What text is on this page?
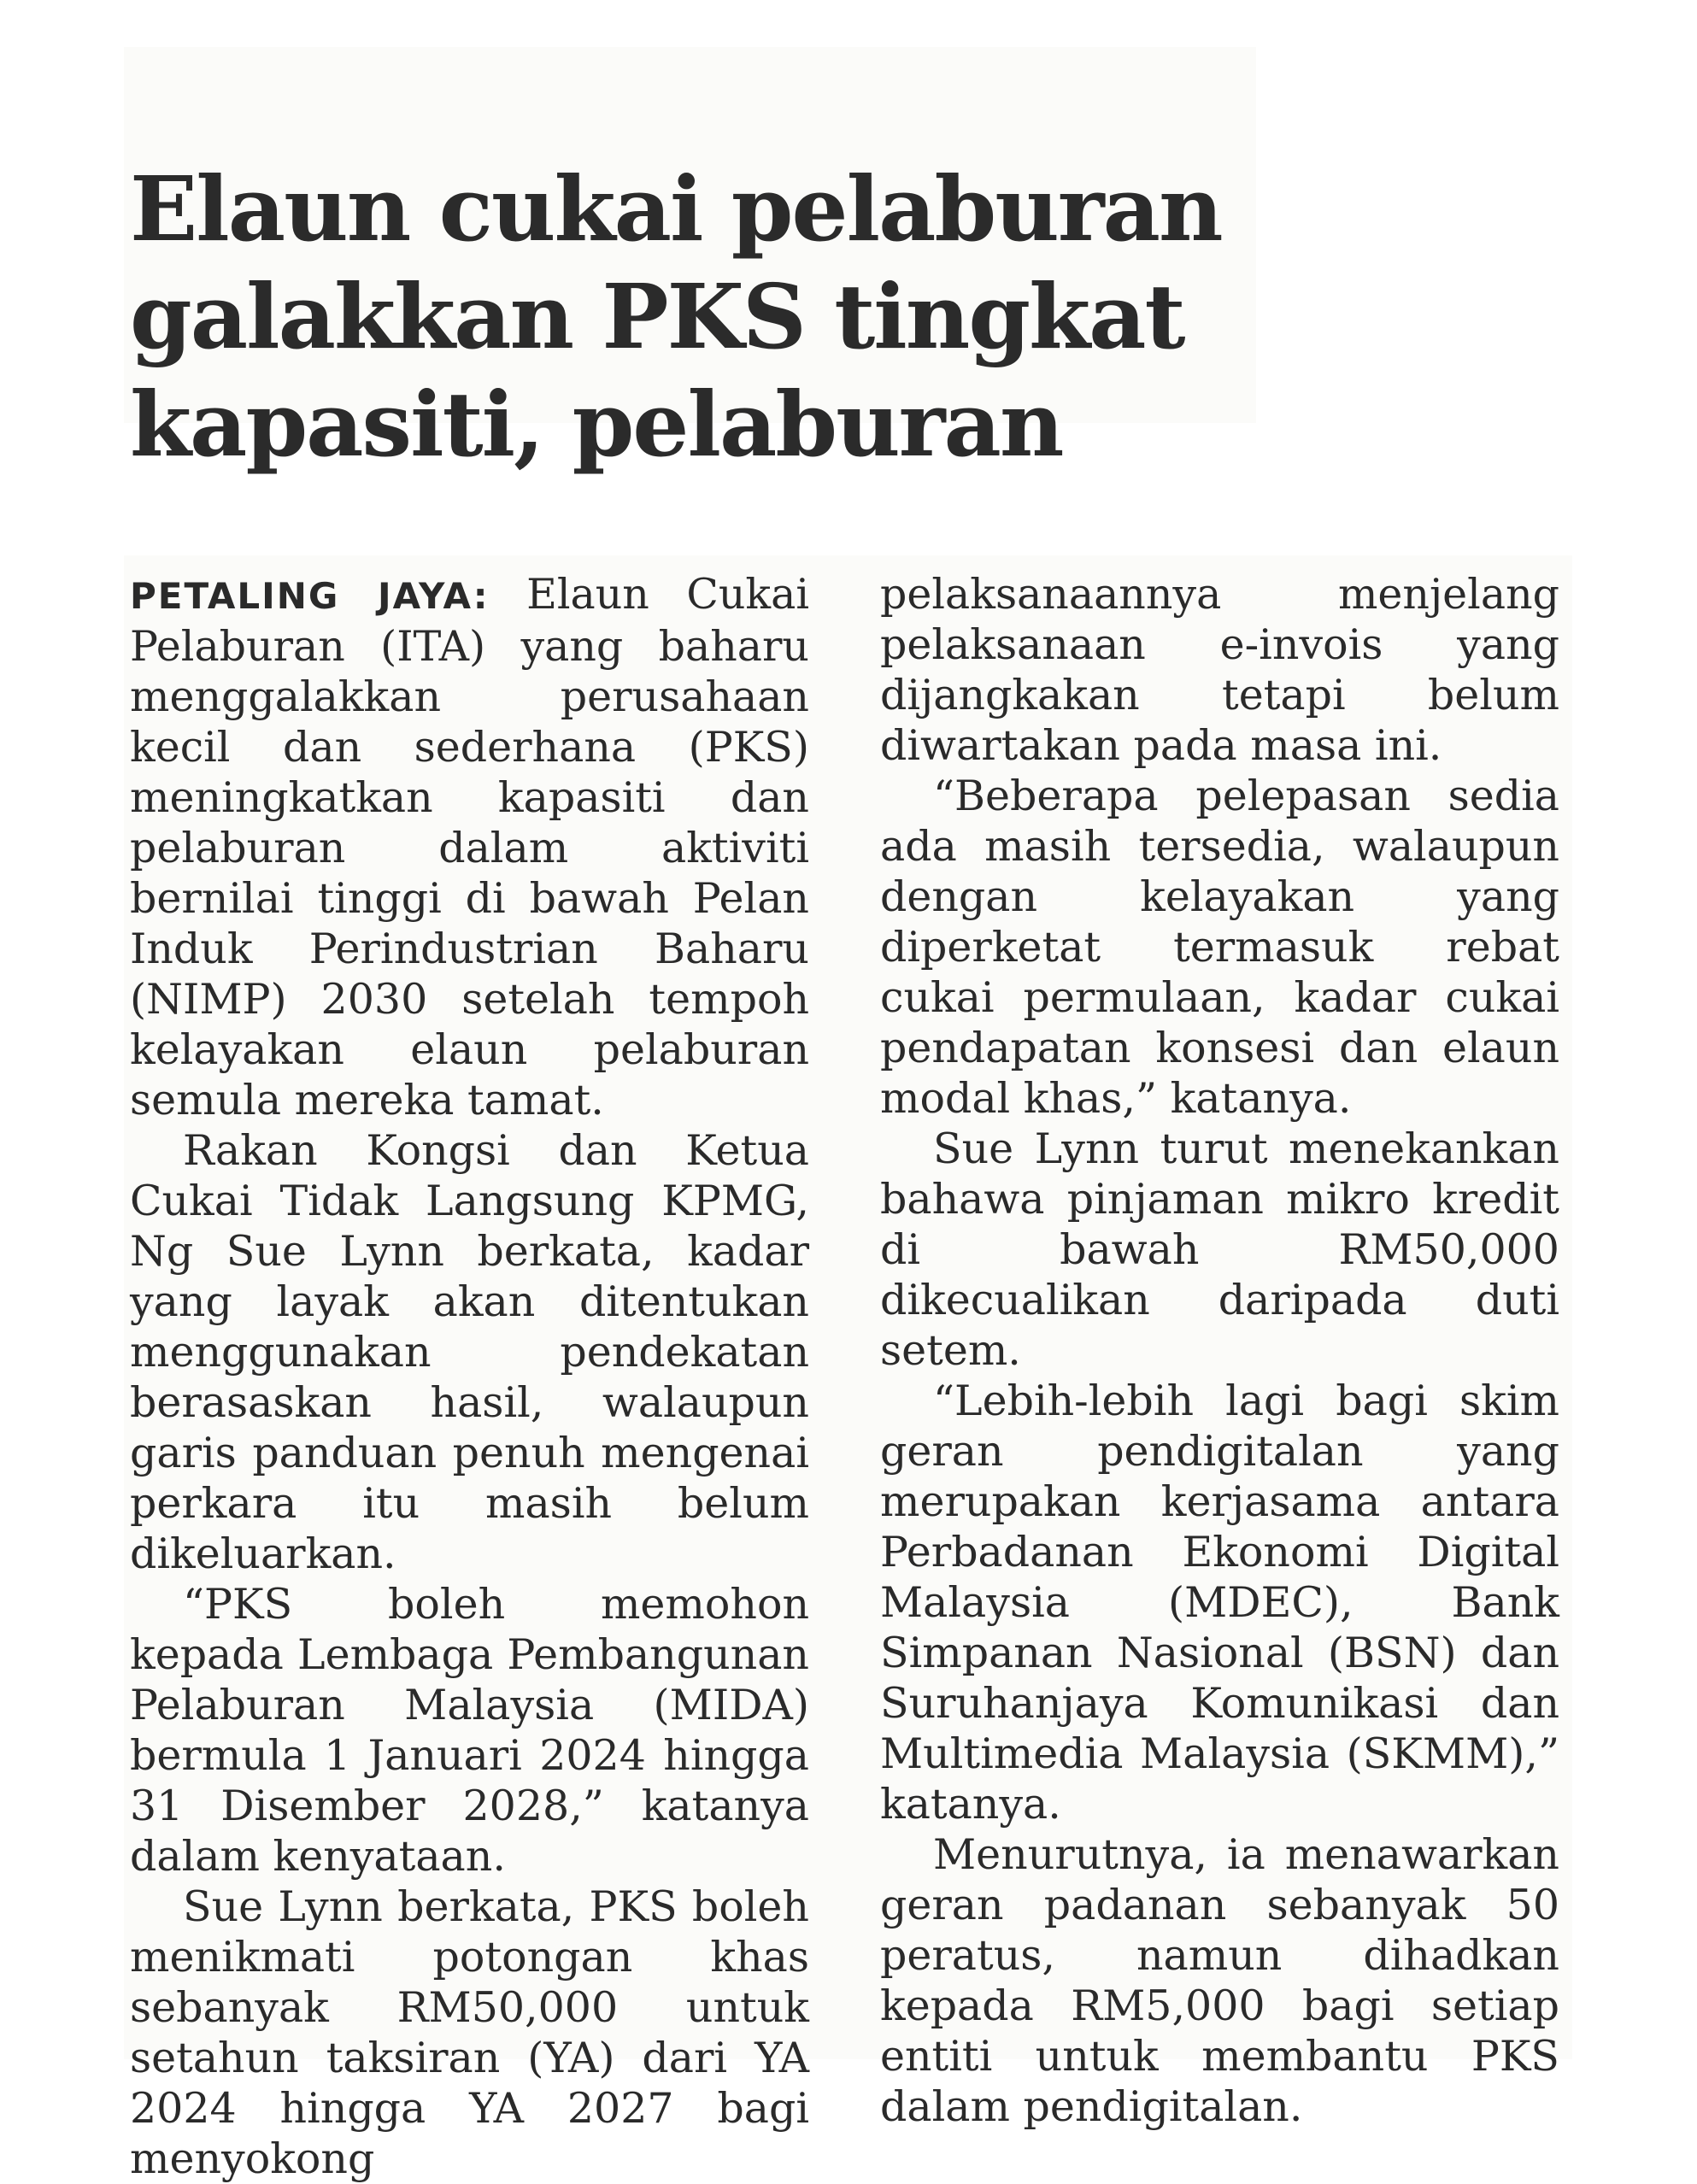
Elaun cukai pelaburan
galakkan PKS tingkat
kapasiti, pelaburan

PETALING JAYA: Elaun Cukai Pelaburan (ITA) yang baharu menggalakkan perusahaan kecil dan sederhana (PKS) meningkatkan kapasiti dan pelaburan dalam aktiviti bernilai tinggi di bawah Pelan Induk Perindustrian Baharu (NIMP) 2030 setelah tempoh kelayakan elaun pelaburan semula mereka tamat.

Rakan Kongsi dan Ketua Cukai Tidak Langsung KPMG, Ng Sue Lynn berkata, kadar yang layak akan ditentukan menggunakan pendekatan berasaskan hasil, walaupun garis panduan penuh mengenai perkara itu masih belum dikeluarkan.

“PKS boleh memohon kepada Lembaga Pembangunan Pelaburan Malaysia (MIDA) bermula 1 Januari 2024 hingga 31 Disember 2028,” katanya dalam kenyataan.

Sue Lynn berkata, PKS boleh menikmati potongan khas sebanyak RM50,000 untuk setahun taksiran (YA) dari YA 2024 hingga YA 2027 bagi menyokong

pelaksanaannya menjelang pelaksanaan e-invois yang dijangkakan tetapi belum diwartakan pada masa ini.

“Beberapa pelepasan sedia ada masih tersedia, walaupun dengan kelayakan yang diperketat termasuk rebat cukai permulaan, kadar cukai pendapatan konsesi dan elaun modal khas,” katanya.

Sue Lynn turut menekankan bahawa pinjaman mikro kredit di bawah RM50,000 dikecualikan daripada duti setem.

“Lebih-lebih lagi bagi skim geran pendigitalan yang merupakan kerjasama antara Perbadanan Ekonomi Digital Malaysia (MDEC), Bank Simpanan Nasional (BSN) dan Suruhanjaya Komunikasi dan Multimedia Malaysia (SKMM),” katanya.

Menurutnya, ia menawarkan geran padanan sebanyak 50 peratus, namun dihadkan kepada RM5,000 bagi setiap entiti untuk membantu PKS dalam pendigitalan.
